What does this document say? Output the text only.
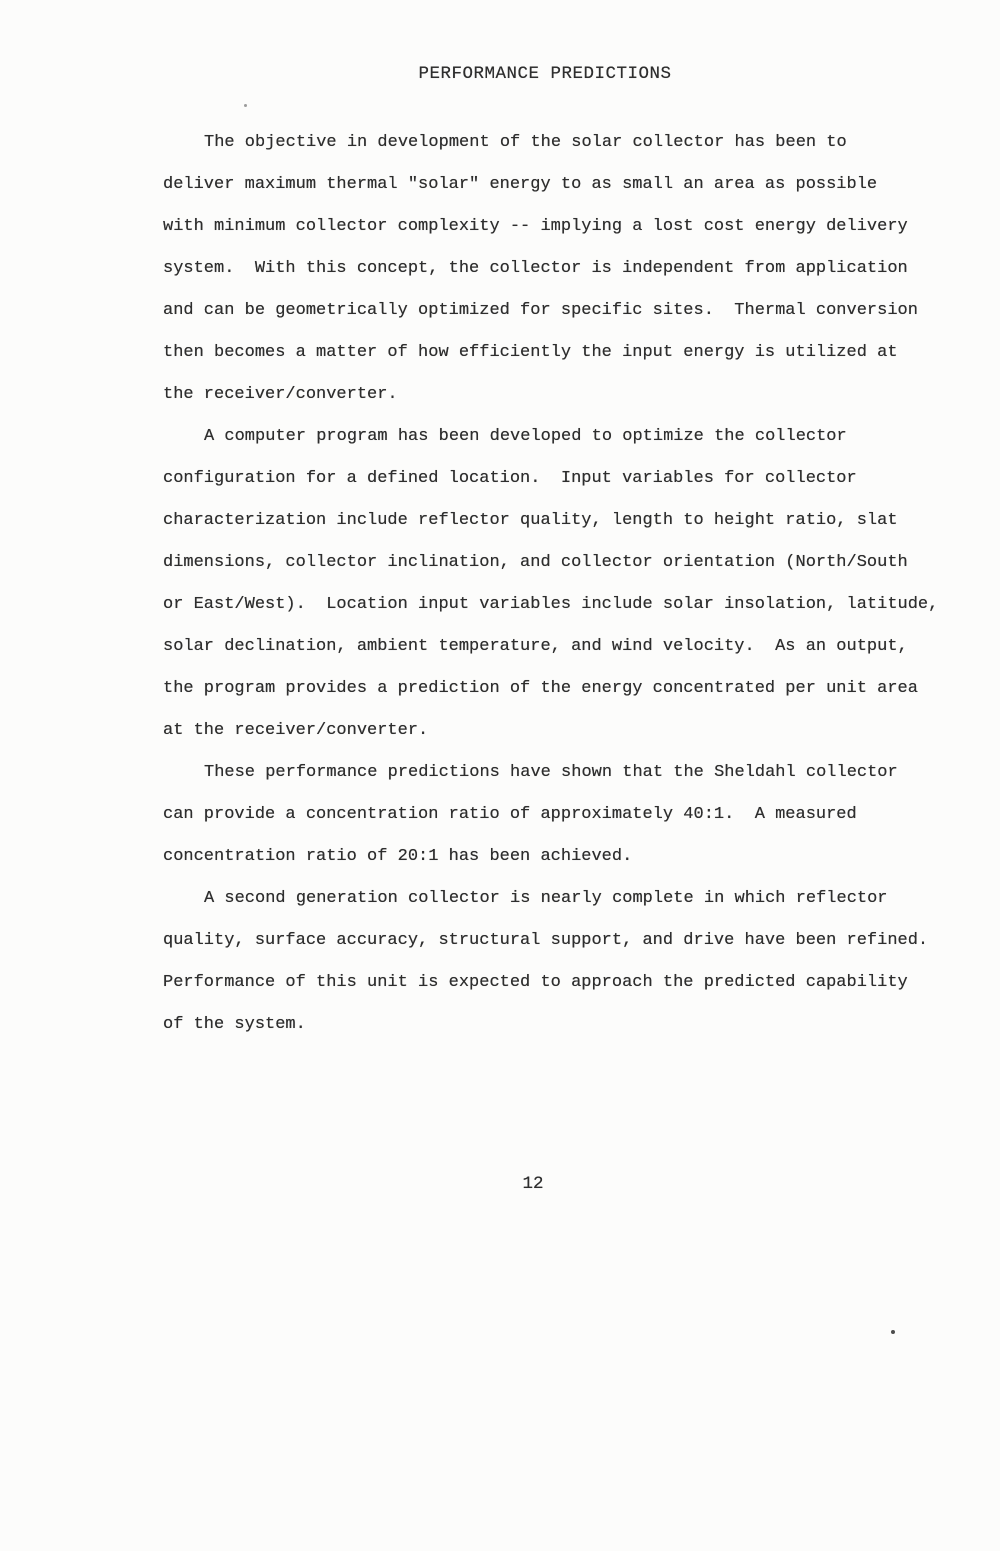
PERFORMANCE PREDICTIONS
The objective in development of the solar collector has been to
deliver maximum thermal "solar" energy to as small an area as possible
with minimum collector complexity -- implying a lost cost energy delivery
system.  With this concept, the collector is independent from application
and can be geometrically optimized for specific sites.  Thermal conversion
then becomes a matter of how efficiently the input energy is utilized at
the receiver/converter.
A computer program has been developed to optimize the collector
configuration for a defined location.  Input variables for collector
characterization include reflector quality, length to height ratio, slat
dimensions, collector inclination, and collector orientation (North/South
or East/West).  Location input variables include solar insolation, latitude,
solar declination, ambient temperature, and wind velocity.  As an output,
the program provides a prediction of the energy concentrated per unit area
at the receiver/converter.
These performance predictions have shown that the Sheldahl collector
can provide a concentration ratio of approximately 40:1.  A measured
concentration ratio of 20:1 has been achieved.
A second generation collector is nearly complete in which reflector
quality, surface accuracy, structural support, and drive have been refined.
Performance of this unit is expected to approach the predicted capability
of the system.
12
